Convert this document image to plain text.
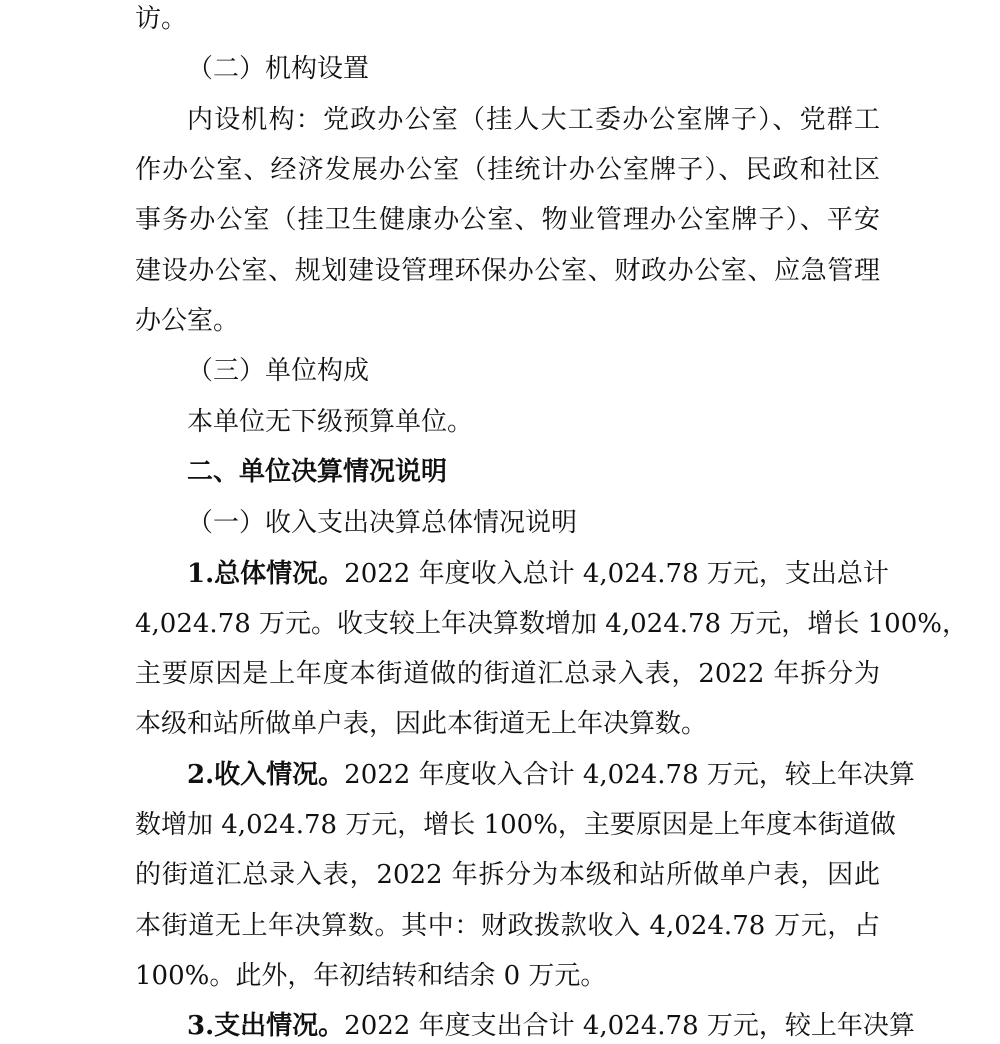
访。
（二）机构设置
内设机构：党政办公室（挂人大工委办公室牌子）、党群工
作办公室、经济发展办公室（挂统计办公室牌子）、民政和社区
事务办公室（挂卫生健康办公室、物业管理办公室牌子）、平安
建设办公室、规划建设管理环保办公室、财政办公室、应急管理
办公室。
（三）单位构成
本单位无下级预算单位。
二、单位决算情况说明
（一）收入支出决算总体情况说明
1.总体情况。2022 年度收入总计 4,024.78 万元，支出总计
4,024.78 万元。收支较上年决算数增加 4,024.78 万元，增长 100%，
主要原因是上年度本街道做的街道汇总录入表，2022 年拆分为
本级和站所做单户表，因此本街道无上年决算数。
2.收入情况。2022 年度收入合计 4,024.78 万元，较上年决算
数增加 4,024.78 万元，增长 100%，主要原因是上年度本街道做
的街道汇总录入表，2022 年拆分为本级和站所做单户表，因此
本街道无上年决算数。其中：财政拨款收入 4,024.78 万元，占
100%。此外，年初结转和结余 0 万元。
3.支出情况。2022 年度支出合计 4,024.78 万元，较上年决算
